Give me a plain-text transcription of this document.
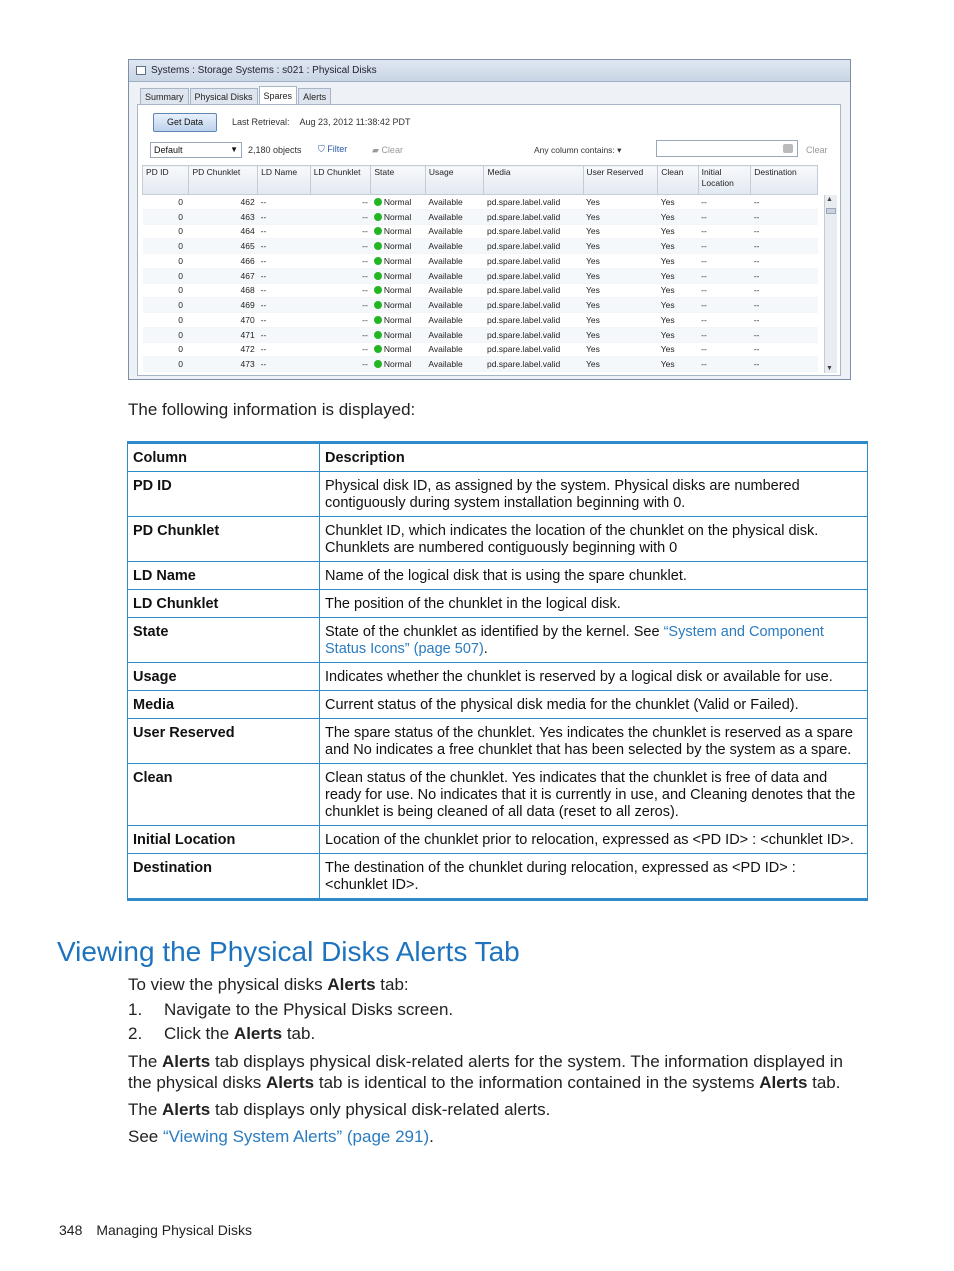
Systems : Storage Systems : s021 : Physical Disks
Summary	Physical Disks	Spares	Alerts
Get Data	Last Retrieval: Aug 23, 2012 11:38:42 PDT
Default	▼ 2,180 objects ⛉ Filter	▰ Clear	Any column contains: ▾	Clear
PD ID	PD Chunklet	LD Name	LD Chunklet	State	Usage	Media	User Reserved	Clean	Initial Location	Destination
0	462	--	--	Normal	Available	pd.spare.label.valid	Yes	Yes	--	--
0	463	--	--	Normal	Available	pd.spare.label.valid	Yes	Yes	--	--
0	464	--	--	Normal	Available	pd.spare.label.valid	Yes	Yes	--	--
0	465	--	--	Normal	Available	pd.spare.label.valid	Yes	Yes	--	--
0	466	--	--	Normal	Available	pd.spare.label.valid	Yes	Yes	--	--
0	467	--	--	Normal	Available	pd.spare.label.valid	Yes	Yes	--	--
0	468	--	--	Normal	Available	pd.spare.label.valid	Yes	Yes	--	--
0	469	--	--	Normal	Available	pd.spare.label.valid	Yes	Yes	--	--
0	470	--	--	Normal	Available	pd.spare.label.valid	Yes	Yes	--	--
0	471	--	--	Normal	Available	pd.spare.label.valid	Yes	Yes	--	--
0	472	--	--	Normal	Available	pd.spare.label.valid	Yes	Yes	--	--
0	473	--	--	Normal	Available	pd.spare.label.valid	Yes	Yes	--	--
▲
▼
The following information is displayed:
Column	Description
PD ID	Physical disk ID, as assigned by the system. Physical disks are numbered contiguously during system installation beginning with 0.
PD Chunklet	Chunklet ID, which indicates the location of the chunklet on the physical disk. Chunklets are numbered contiguously beginning with 0
LD Name	Name of the logical disk that is using the spare chunklet.
LD Chunklet	The position of the chunklet in the logical disk.
State	State of the chunklet as identified by the kernel. See “System and Component Status Icons” (page 507).
Usage	Indicates whether the chunklet is reserved by a logical disk or available for use.
Media	Current status of the physical disk media for the chunklet (Valid or Failed).
User Reserved	The spare status of the chunklet. Yes indicates the chunklet is reserved as a spare and No indicates a free chunklet that has been selected by the system as a spare.
Clean	Clean status of the chunklet. Yes indicates that the chunklet is free of data and ready for use. No indicates that it is currently in use, and Cleaning denotes that the chunklet is being cleaned of all data (reset to all zeros).
Initial Location	Location of the chunklet prior to relocation, expressed as <PD ID> : <chunklet ID>.
Destination	The destination of the chunklet during relocation, expressed as <PD ID> : <chunklet ID>.
Viewing the Physical Disks Alerts Tab
To view the physical disks Alerts tab:
1. Navigate to the Physical Disks screen.
2. Click the Alerts tab.
The Alerts tab displays physical disk-related alerts for the system. The information displayed in the physical disks Alerts tab is identical to the information contained in the systems Alerts tab.
The Alerts tab displays only physical disk-related alerts.
See “Viewing System Alerts” (page 291).
348 Managing Physical Disks
